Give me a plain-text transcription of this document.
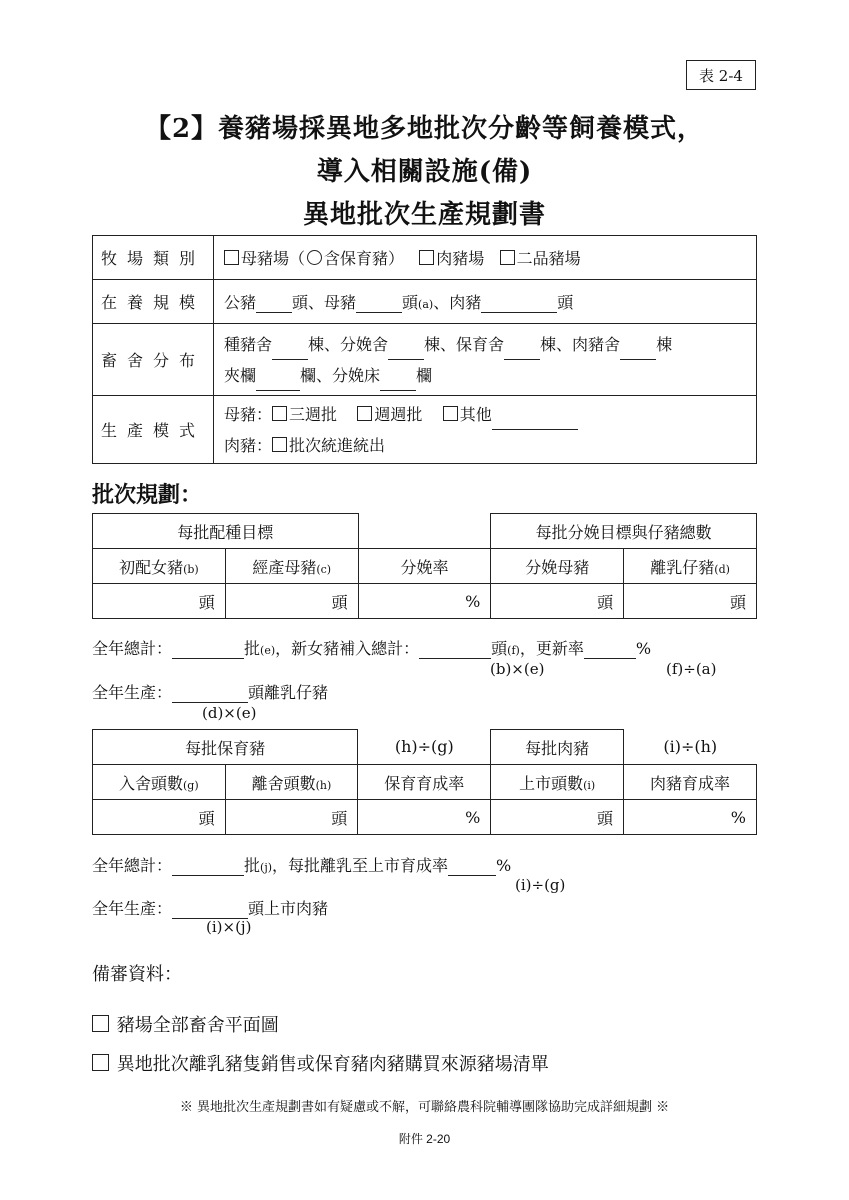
表 2-4
【2】養豬場採異地多地批次分齡等飼養模式，
導入相關設施(備)
異地批次生產規劃書
牧場類別	母豬場（ 含保育豬） 肉豬場 二品豬場
在養規模	公豬 頭、母豬 頭(a)、肉豬 頭
畜舍分布	種豬舍 棟、分娩舍 棟、保育舍 棟、肉豬舍 棟
夾欄 欄、分娩床 欄
生產模式	母豬： 三週批 週週批 其他
肉豬： 批次統進統出
批次規劃：
每批配種目標			每批分娩目標與仔豬總數	
初配女豬(b)	經產母豬(c)	分娩率	分娩母豬	離乳仔豬(d)
頭	頭	%	頭	頭
全年總計：	批(e)，新女豬補入總計：	頭(f)，更新率	%
(b)×(e)	(f)÷(a)
全年生產：	頭離乳仔豬
(d)×(e)
每批保育豬		(h)÷(g)	每批肉豬	(i)÷(h)
入舍頭數(g)	離舍頭數(h)	保育育成率	上市頭數(i)	肉豬育成率
頭	頭	%	頭	%
全年總計：	批(j)，每批離乳至上市育成率	%
(i)÷(g)
全年生產：	頭上市肉豬
(i)×(j)
備審資料：
豬場全部畜舍平面圖
異地批次離乳豬隻銷售或保育豬肉豬購買來源豬場清單
※ 異地批次生產規劃書如有疑慮或不解，可聯絡農科院輔導團隊協助完成詳細規劃 ※
附件 2-20
